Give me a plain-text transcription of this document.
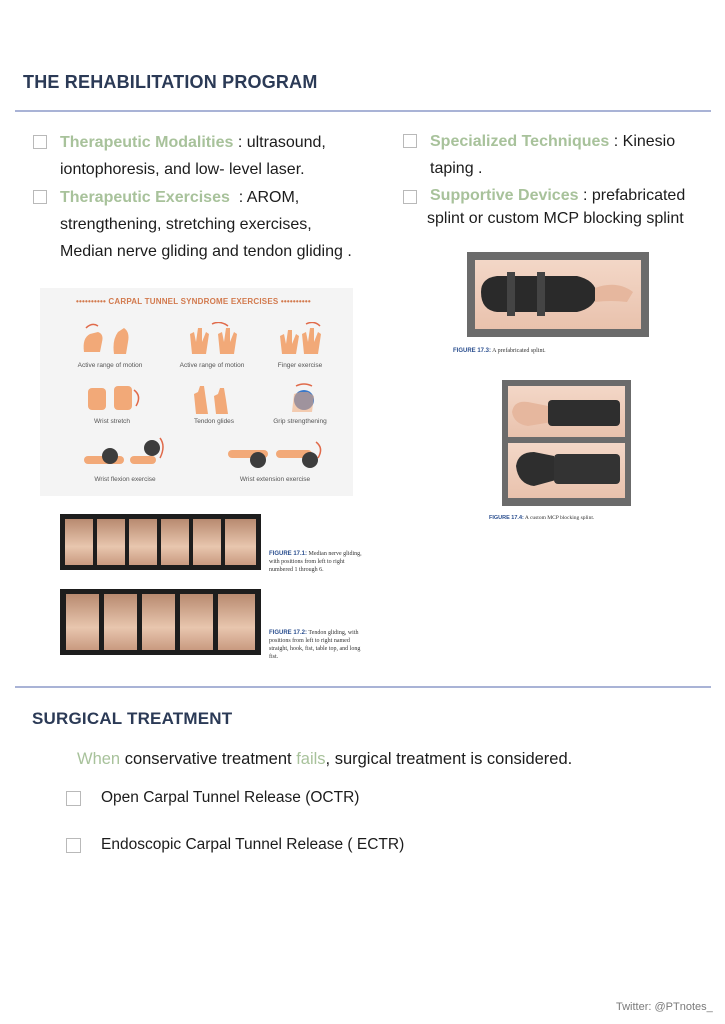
THE REHABILITATION PROGRAM
Therapeutic Modalities : ultrasound,
iontophoresis, and low- level laser.
Therapeutic Exercises  : AROM,
strengthening, stretching exercises,
Median nerve gliding and tendon gliding .
Specialized Techniques : Kinesio taping .
Supportive Devices : prefabricated
splint or custom MCP blocking splint
•••••••••• CARPAL TUNNEL SYNDROME EXERCISES ••••••••••
Active range of motion	Active range of motion	Finger exercise
Wrist stretch	Tendon glides	Grip strengthening
Wrist flexion exercise	Wrist extension exercise
FIGURE 17.1: Median nerve gliding, with positions from left to right numbered 1 through 6.
FIGURE 17.2: Tendon gliding, with positions from left to right named straight, hook, fist, table top, and long fist.
FIGURE 17.3: A prefabricated splint.
FIGURE 17.4: A custom MCP blocking splint.
SURGICAL TREATMENT
When conservative treatment fails, surgical treatment is considered.
Open Carpal Tunnel Release (OCTR)
Endoscopic Carpal Tunnel Release ( ECTR)
Twitter: @PTnotes_
